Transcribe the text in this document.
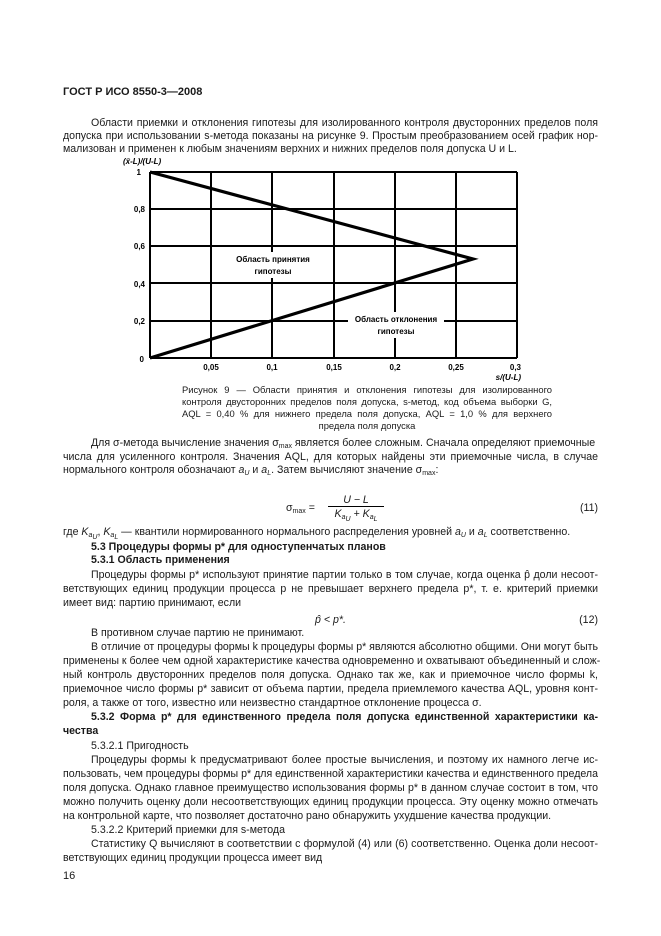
ГОСТ Р ИСО 8550-3—2008
Области приемки и отклонения гипотезы для изолированного контроля двусторонних пределов поля
допуска при использовании s-метода показаны на рисунке 9. Простым преобразованием осей график нор-
мализован и применен к любым значениям верхних и нижних пределов поля допуска U и L.
(x̄-L)/(U-L)
1
0,8
0,6
0,4
0,2
0
0,05	0,1	0,15	0,2	0,25	0,3
s/(U-L)
Область принятия
гипотезы
Область отклонения
гипотезы
Рисунок 9 — Области принятия и отклонения гипотезы для изолированного
контроля двусторонних пределов поля допуска, s-метод, код объема выборки G,
AQL = 0,40 % для нижнего предела поля допуска, AQL = 1,0 % для верхнего
предела поля допуска
Для σ-метода вычисление значения $\sigma_{max}$ является более сложным. Сначала определяют приемочные
числа для усиленного контроля. Значения AQL, для которых найдены эти приемочные числа, в случае
нормального контроля обозначают $a_U$ и $a_L$. Затем вычисляют значение $\sigma_{max}$:
$\sigma_{max}$ =
U − L
$K_{a_U} + K_{a_L}$
(11)
где $K_{a_U}$, $K_{a_L}$ — квантили нормированного нормального распределения уровней $a_U$ и $a_L$ соответственно.
5.3 Процедуры формы p* для одноступенчатых планов
5.3.1 Область применения
Процедуры формы p* используют принятие партии только в том случае, когда оценка p̂ доли несоот-
ветствующих единиц продукции процесса p не превышает верхнего предела p*, т. е. критерий приемки
имеет вид: партию принимают, если
p̂ < p*.	(12)
В противном случае партию не принимают.
В отличие от процедуры формы k процедуры формы p* являются абсолютно общими. Они могут быть
применены к более чем одной характеристике качества одновременно и охватывают объединенный и слож-
ный контроль двусторонних пределов поля допуска. Однако так же, как и приемочное число формы k,
приемочное число формы p* зависит от объема партии, предела приемлемого качества AQL, уровня конт-
роля, а также от того, известно или неизвестно стандартное отклонение процесса σ.
5.3.2 Форма p* для единственного предела поля допуска единственной характеристики ка-
чества
5.3.2.1 Пригодность
Процедуры формы k предусматривают более простые вычисления, и поэтому их намного легче ис-
пользовать, чем процедуры формы p* для единственной характеристики качества и единственного предела
поля допуска. Однако главное преимущество использования формы p* в данном случае состоит в том, что
можно получить оценку доли несоответствующих единиц продукции процесса. Эту оценку можно отмечать
на контрольной карте, что позволяет достаточно рано обнаружить ухудшение качества продукции.
5.3.2.2 Критерий приемки для s-метода
Статистику Q вычисляют в соответствии с формулой (4) или (6) соответственно. Оценка доли несоот-
ветствующих единиц продукции процесса имеет вид
16
